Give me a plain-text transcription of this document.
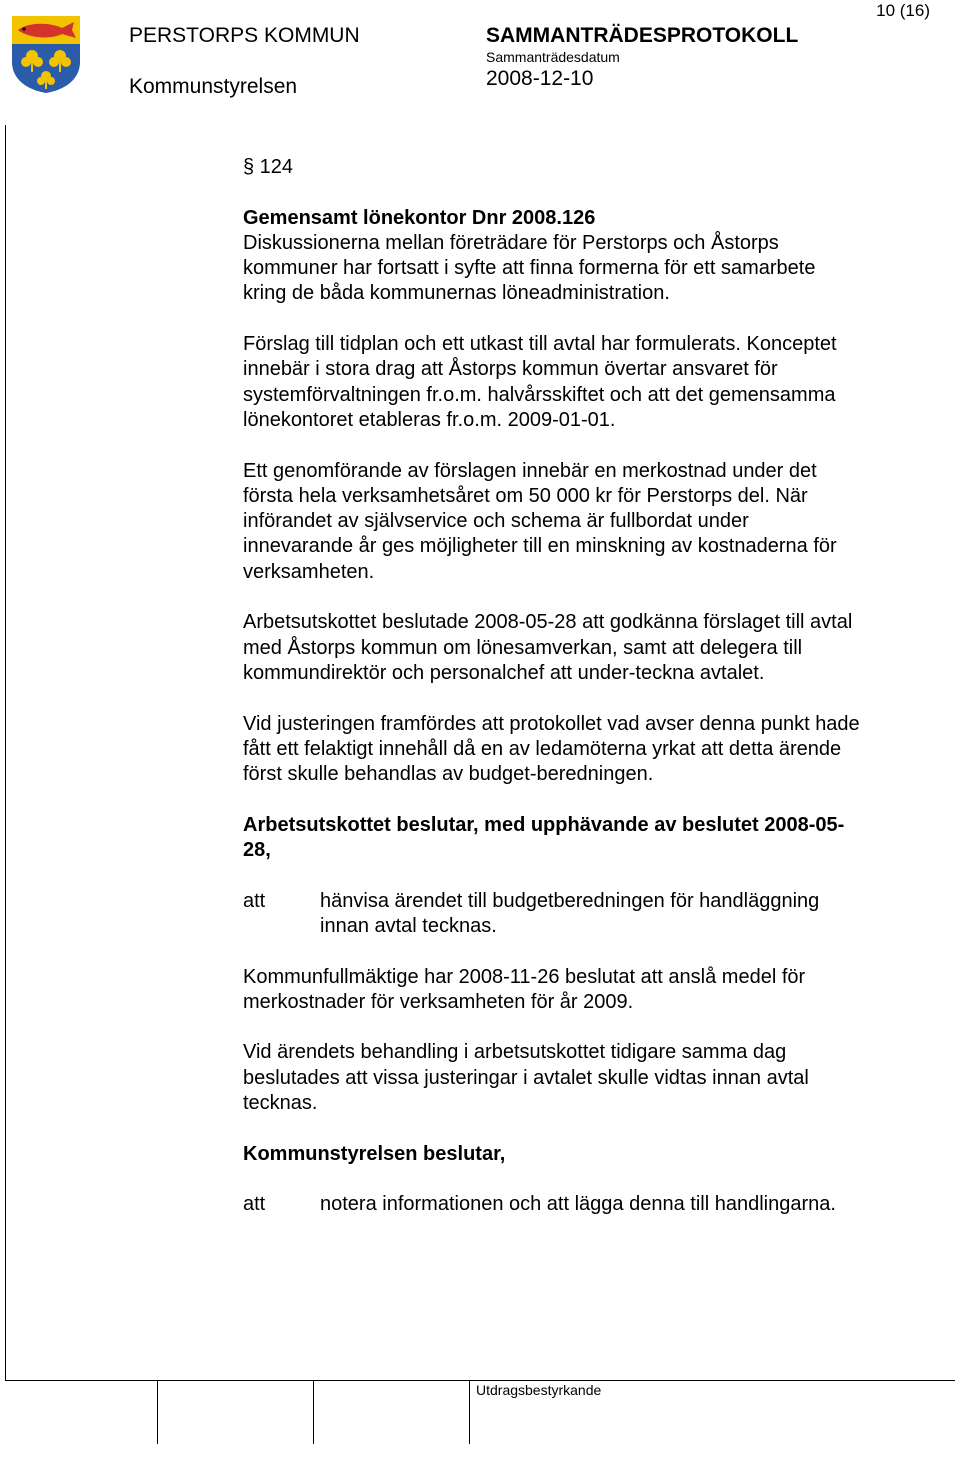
10 (16)
PERSTORPS KOMMUN
Kommunstyrelsen
SAMMANTRÄDESPROTOKOLL
Sammanträdesdatum
2008-12-10
§ 124
Gemensamt lönekontor Dnr 2008.126

Diskussionerna mellan företrädare för Perstorps och Åstorps kommuner har fortsatt i syfte att finna formerna för ett samarbete kring de båda kommunernas löneadministration.

Förslag till tidplan och ett utkast till avtal har formulerats. Konceptet innebär i stora drag att Åstorps kommun övertar ansvaret för systemförvaltningen fr.o.m. halvårsskiftet och att det gemensamma lönekontoret etableras fr.o.m. 2009-01-01.

Ett genomförande av förslagen innebär en merkostnad under det första hela verksamhetsåret om 50 000 kr för Perstorps del. När införandet av självservice och schema är fullbordat under innevarande år ges möjligheter till en minskning av kostnaderna för verksamheten.

Arbetsutskottet beslutade 2008-05-28 att godkänna förslaget till avtal med Åstorps kommun om lönesamverkan, samt att delegera till kommundirektör och personalchef att under-teckna avtalet.

Vid justeringen framfördes att protokollet vad avser denna punkt hade fått ett felaktigt innehåll då en av ledamöterna yrkat att detta ärende först skulle behandlas av budget-beredningen.

Arbetsutskottet beslutar, med upphävande av beslutet 2008-05-28,

att	hänvisa ärendet till budgetberedningen för handläggning innan avtal tecknas.

Kommunfullmäktige har 2008-11-26 beslutat att anslå medel för merkostnader för verksamheten för år 2009.

Vid ärendets behandling i arbetsutskottet tidigare samma dag beslutades att vissa justeringar i avtalet skulle vidtas innan avtal tecknas.

Kommunstyrelsen beslutar,

att	notera informationen och att lägga denna till handlingarna.
Utdragsbestyrkande
